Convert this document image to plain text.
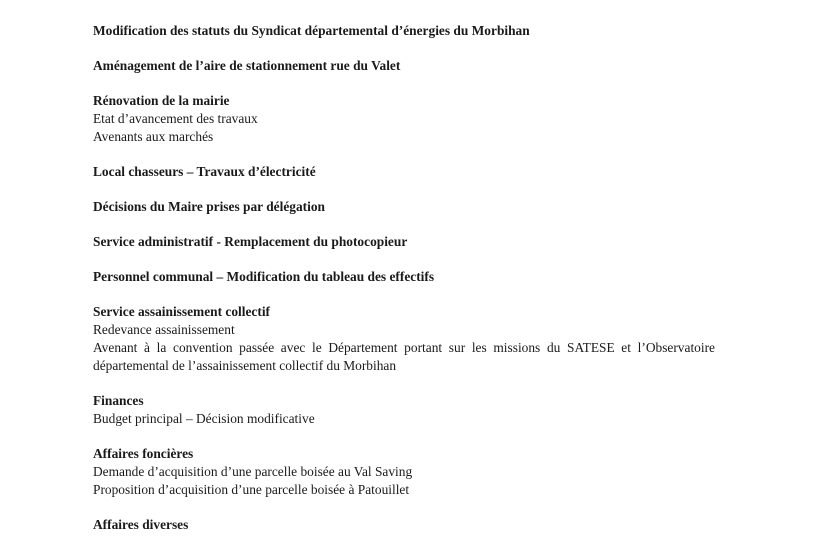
Modification des statuts du Syndicat départemental d’énergies du Morbihan

Aménagement de l’aire de stationnement rue du Valet

Rénovation de la mairie

Etat d’avancement des travaux

Avenants aux marchés

Local chasseurs – Travaux d’électricité

Décisions du Maire prises par délégation

Service administratif - Remplacement du photocopieur

Personnel communal – Modification du tableau des effectifs

Service assainissement collectif

Redevance assainissement

Avenant à la convention passée avec le Département portant sur les missions du SATESE et l’Observatoire départemental de l’assainissement collectif du Morbihan

Finances

Budget principal – Décision modificative

Affaires foncières

Demande d’acquisition d’une parcelle boisée au Val Saving

Proposition d’acquisition d’une parcelle boisée à Patouillet

Affaires diverses
